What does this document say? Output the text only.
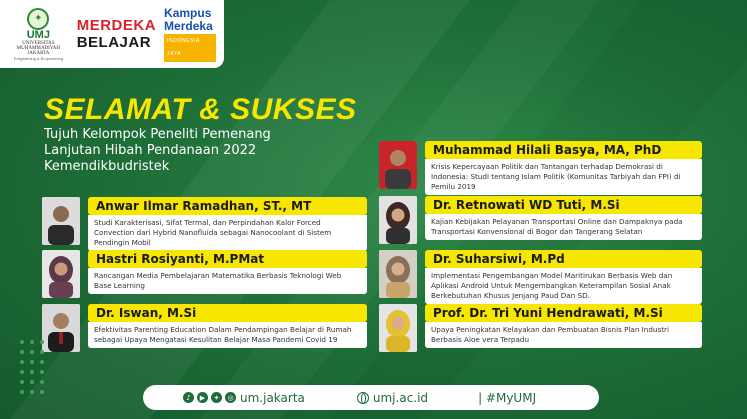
✦
UMJ
UNIVERSITAS MUHAMMADIYAH JAKARTA
Enlightening & Empowering
MERDEKA
BELAJAR
Kampus
Merdeka
INDONESIA JAYA
SELAMAT & SUKSES
Tujuh Kelompok Peneliti Pemenang
Lanjutan Hibah Pendanaan 2022
Kemendikbudristek
Anwar Ilmar Ramadhan, ST., MT
Studi Karakterisasi, Sifat Termal, dan Perpindahan Kalor Forced Convection dari Hybrid Nanofluida sebagai Nanocoolant di Sistem Pendingin Mobil
Hastri Rosiyanti, M.PMat
Rancangan Media Pembelajaran Matematika Berbasis Teknologi Web Base Learning
Dr. Iswan, M.Si
Efektivitas Parenting Education Dalam Pendampingan Belajar di Rumah sebagai Upaya Mengatasi Kesulitan Belajar Masa Pandemi Covid 19
Muhammad Hilali Basya, MA, PhD
Krisis Kepercayaan Politik dan Tantangan terhadap Demokrasi di Indonesia: Studi tentang Islam Politik (Komunitas Tarbiyah dan FPI) di Pemilu 2019
Dr. Retnowati WD Tuti, M.Si
Kajian Kebijakan Pelayanan Transportasi Online dan Dampaknya pada Transportasi Konvensional di Bogor dan Tangerang Selatan
Dr. Suharsiwi, M.Pd
Implementasi Pengembangan Model Maritirukan Berbasis Web dan Aplikasi Android Untuk Mengembangkan Keterampilan Sosial Anak Berkebutuhan Khusus Jenjang Paud Dan SD.
Prof. Dr. Tri Yuni Hendrawati, M.Si
Upaya Peningkatan Kelayakan dan Pembuatan Bisnis Plan Industri Berbasis Aloe vera Terpadu
♪	▶	✦	◎ um.jakarta	umj.ac.id	| #MyUMJ
